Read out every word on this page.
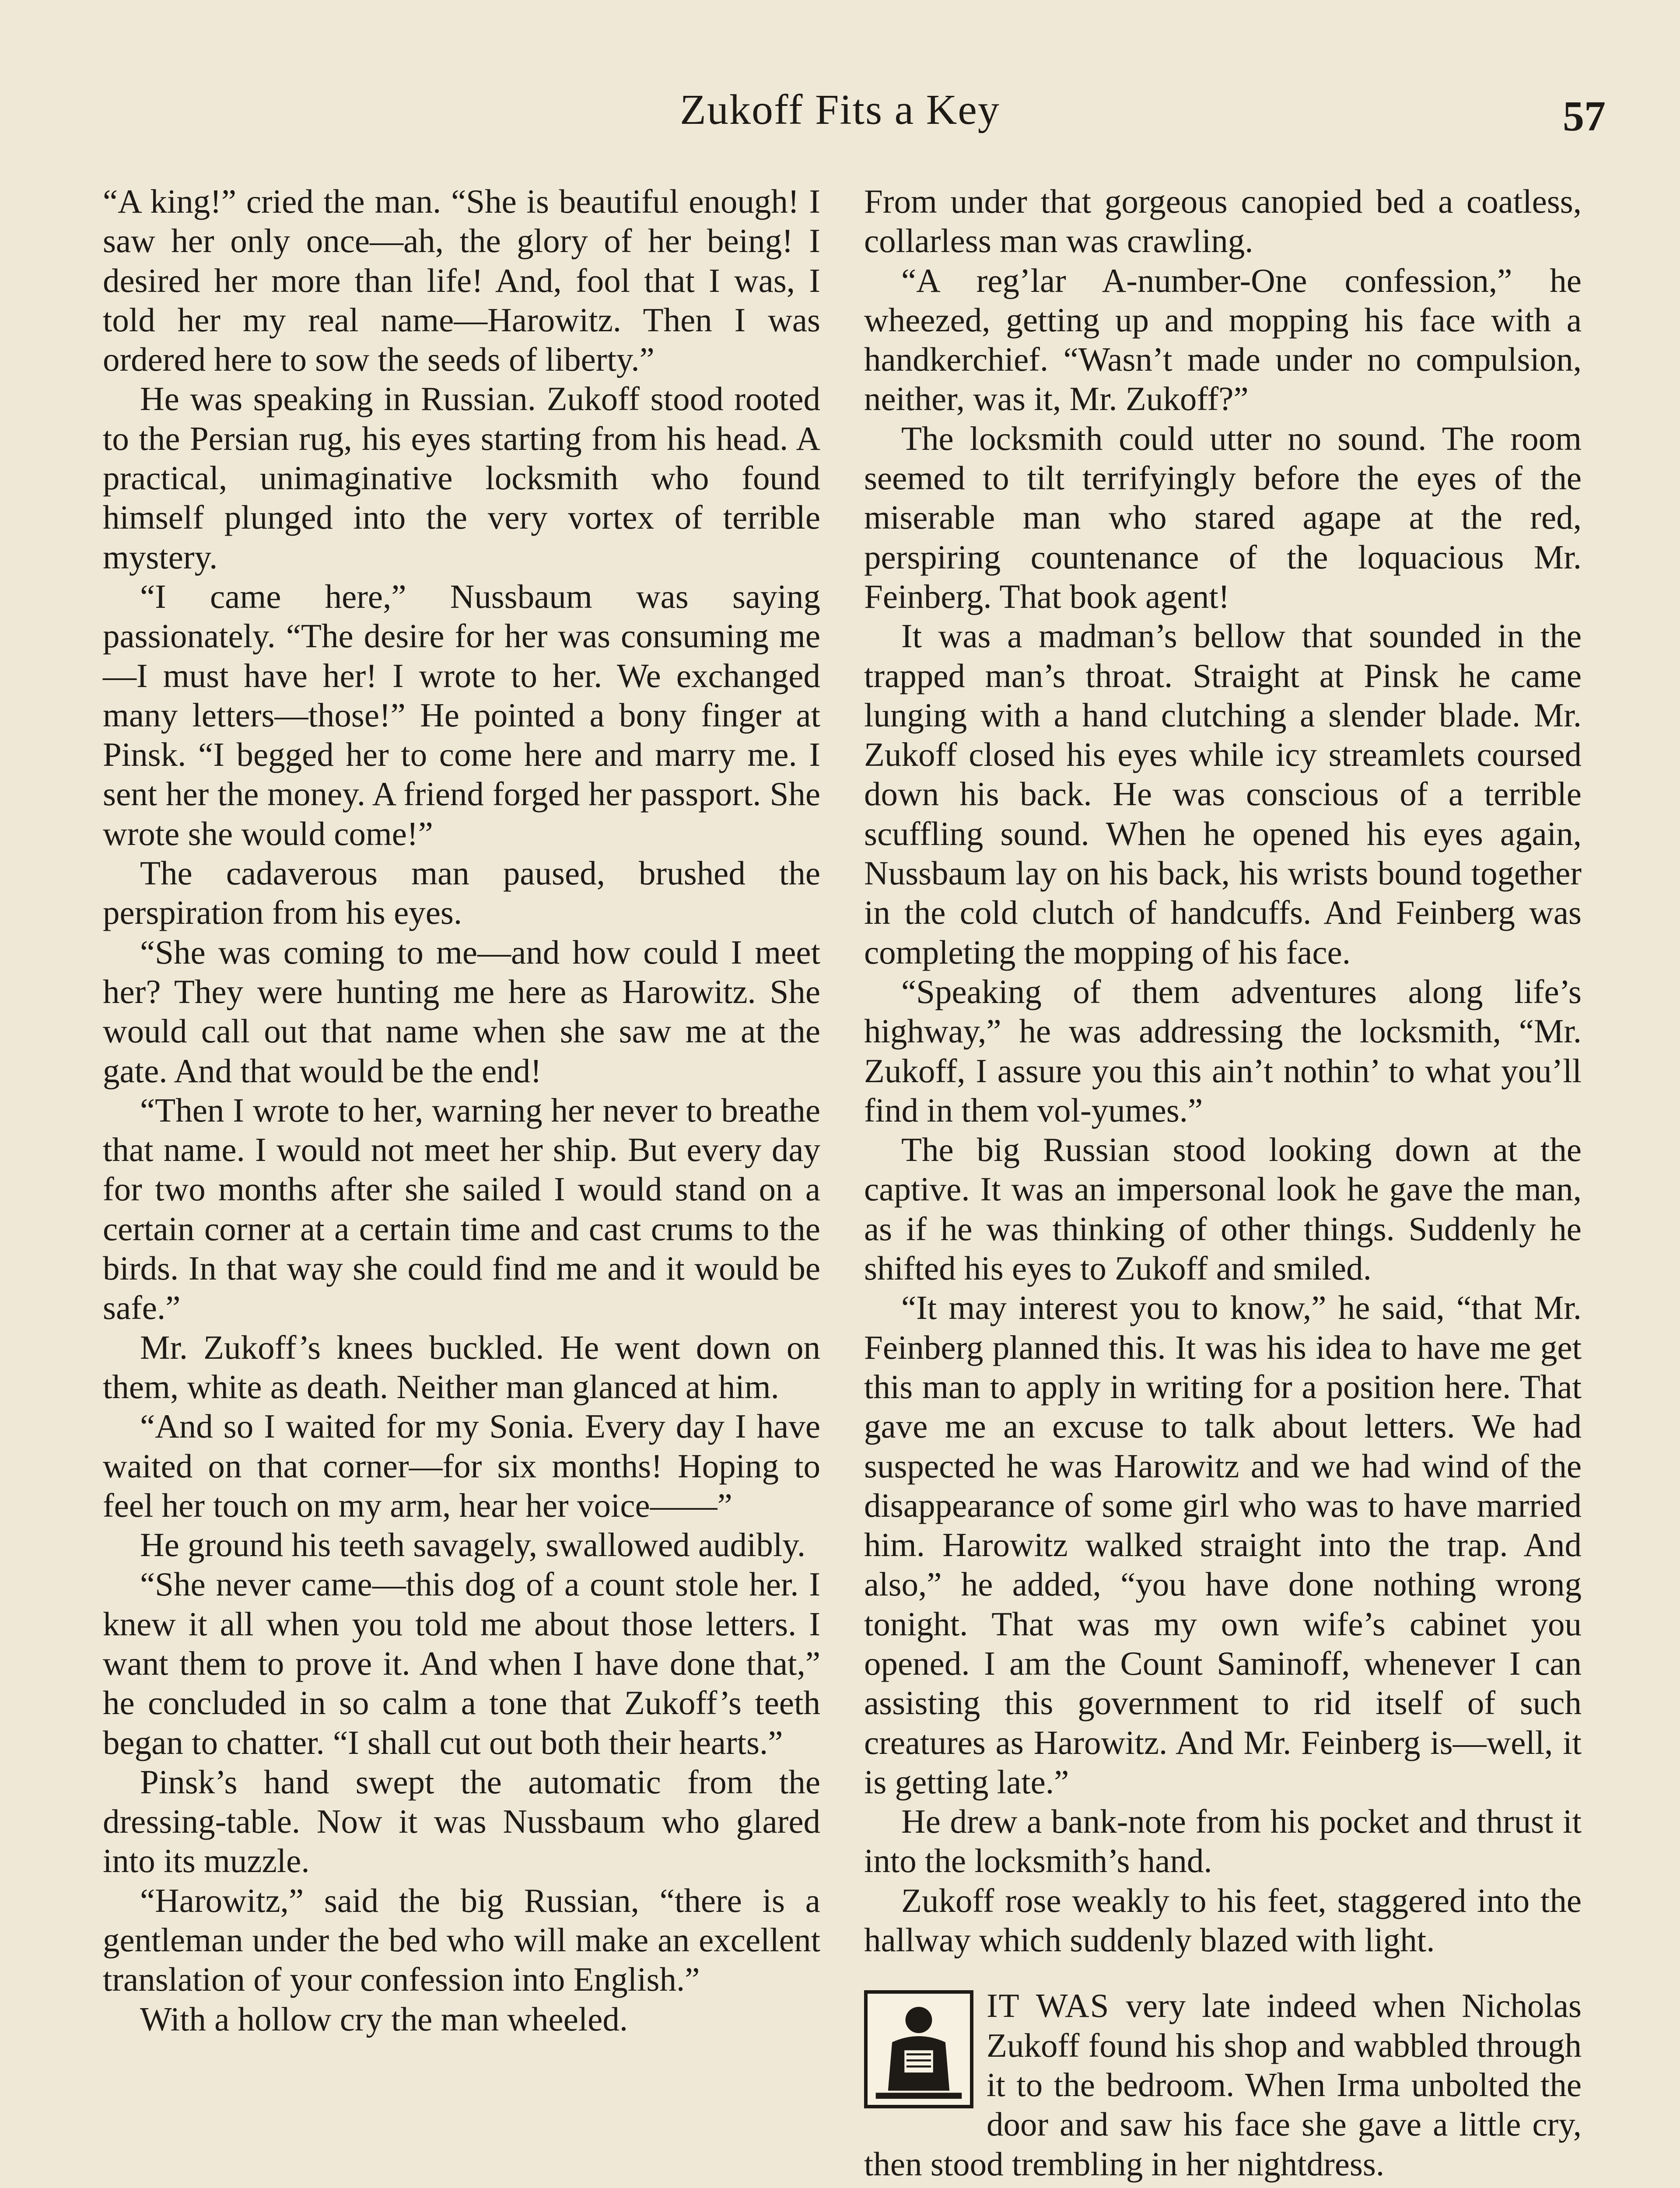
Zukoff Fits a Key	57

“A king!” cried the man. “She is beautiful enough! I saw her only once—ah, the glory of her being! I desired her more than life! And, fool that I was, I told her my real name—Harowitz. Then I was ordered here to sow the seeds of liberty.”

He was speaking in Russian. Zukoff stood rooted to the Persian rug, his eyes starting from his head. A practical, unimaginative locksmith who found himself plunged into the very vortex of terrible mystery.

“I came here,” Nussbaum was saying passionately. “The desire for her was consuming me—I must have her! I wrote to her. We exchanged many letters—those!” He pointed a bony finger at Pinsk. “I begged her to come here and marry me. I sent her the money. A friend forged her passport. She wrote she would come!”

The cadaverous man paused, brushed the perspiration from his eyes.

“She was coming to me—and how could I meet her? They were hunting me here as Harowitz. She would call out that name when she saw me at the gate. And that would be the end!

“Then I wrote to her, warning her never to breathe that name. I would not meet her ship. But every day for two months after she sailed I would stand on a certain corner at a certain time and cast crums to the birds. In that way she could find me and it would be safe.”

Mr. Zukoff’s knees buckled. He went down on them, white as death. Neither man glanced at him.

“And so I waited for my Sonia. Every day I have waited on that corner—for six months! Hoping to feel her touch on my arm, hear her voice——”

He ground his teeth savagely, swallowed audibly.

“She never came—this dog of a count stole her. I knew it all when you told me about those letters. I want them to prove it. And when I have done that,” he concluded in so calm a tone that Zukoff’s teeth began to chatter. “I shall cut out both their hearts.”

Pinsk’s hand swept the automatic from the dressing-table. Now it was Nussbaum who glared into its muzzle.

“Harowitz,” said the big Russian, “there is a gentleman under the bed who will make an excellent translation of your confession into English.”

With a hollow cry the man wheeled.

From under that gorgeous canopied bed a coatless, collarless man was crawling.

“A reg’lar A-number-One confession,” he wheezed, getting up and mopping his face with a handkerchief. “Wasn’t made under no compulsion, neither, was it, Mr. Zukoff?”

The locksmith could utter no sound. The room seemed to tilt terrifyingly before the eyes of the miserable man who stared agape at the red, perspiring countenance of the loquacious Mr. Feinberg. That book agent!

It was a madman’s bellow that sounded in the trapped man’s throat. Straight at Pinsk he came lunging with a hand clutching a slender blade. Mr. Zukoff closed his eyes while icy streamlets coursed down his back. He was conscious of a terrible scuffling sound. When he opened his eyes again, Nussbaum lay on his back, his wrists bound together in the cold clutch of handcuffs. And Feinberg was completing the mopping of his face.

“Speaking of them adventures along life’s highway,” he was addressing the locksmith, “Mr. Zukoff, I assure you this ain’t nothin’ to what you’ll find in them vol-yumes.”

The big Russian stood looking down at the captive. It was an impersonal look he gave the man, as if he was thinking of other things. Suddenly he shifted his eyes to Zukoff and smiled.

“It may interest you to know,” he said, “that Mr. Feinberg planned this. It was his idea to have me get this man to apply in writing for a position here. That gave me an excuse to talk about letters. We had suspected he was Harowitz and we had wind of the disappearance of some girl who was to have married him. Harowitz walked straight into the trap. And also,” he added, “you have done nothing wrong tonight. That was my own wife’s cabinet you opened. I am the Count Saminoff, whenever I can assisting this government to rid itself of such creatures as Harowitz. And Mr. Feinberg is—well, it is getting late.”

He drew a bank-note from his pocket and thrust it into the locksmith’s hand.

Zukoff rose weakly to his feet, staggered into the hallway which suddenly blazed with light.

IT WAS very late indeed when Nicholas Zukoff found his shop and wabbled through it to the bedroom. When Irma unbolted the door and saw his face she gave a little cry, then stood trembling in her nightdress.
